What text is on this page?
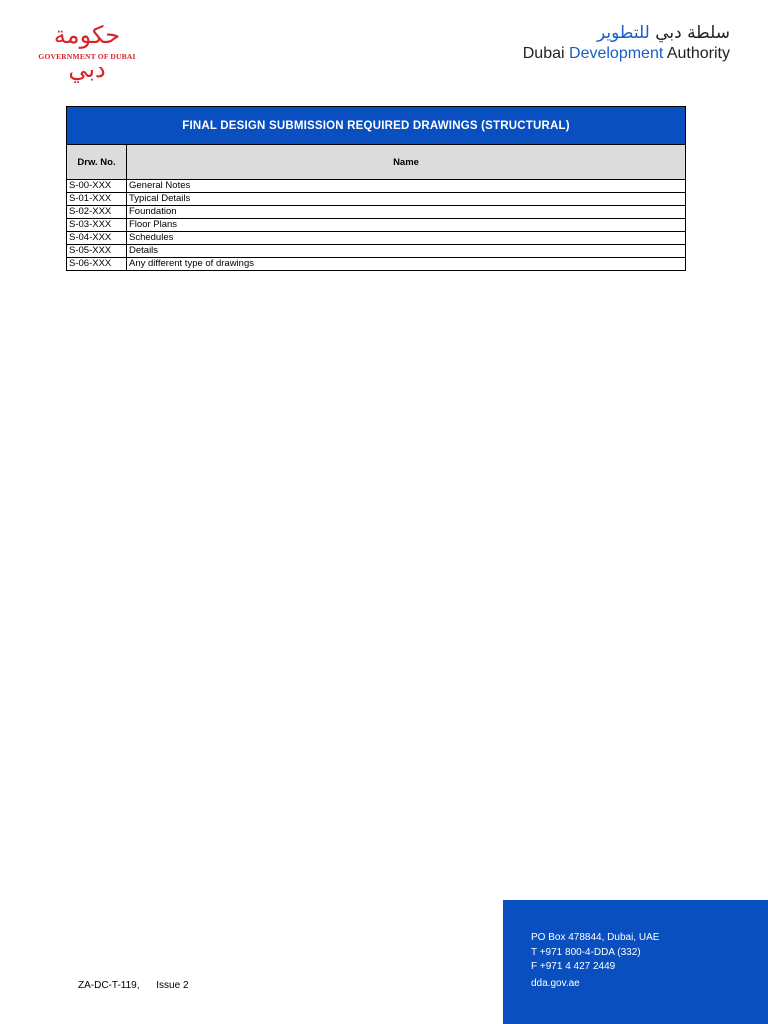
حكومة دبي
GOVERNMENT OF DUBAI
سلطة دبي للتطوير
Dubai Development Authority
FINAL DESIGN SUBMISSION REQUIRED DRAWINGS (STRUCTURAL)	
Drw. No.	Name
S-00-XXX	General Notes
S-01-XXX	Typical Details
S-02-XXX	Foundation
S-03-XXX	Floor Plans
S-04-XXX	Schedules
S-05-XXX	Details
S-06-XXX	Any different type of drawings
ZA-DC-T-119, Issue 2
PO Box 478844, Dubai, UAE
T +971 800-4-DDA (332)
F +971 4 427 2449
dda.gov.ae
